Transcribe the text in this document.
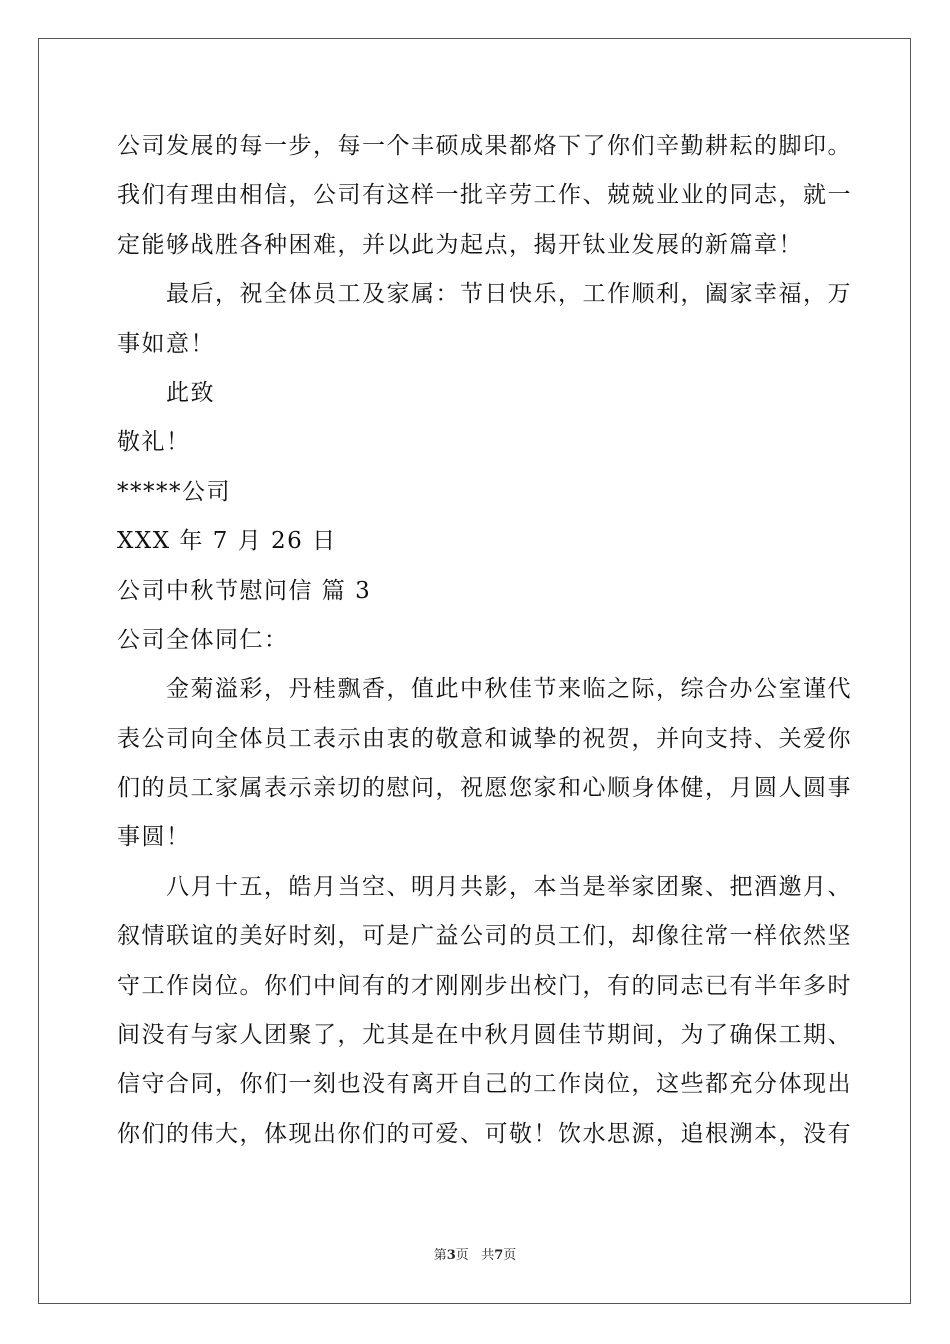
公司发展的每一步，每一个丰硕成果都烙下了你们辛勤耕耘的脚印。
我们有理由相信，公司有这样一批辛劳工作、兢兢业业的同志，就一
定能够战胜各种困难，并以此为起点，揭开钛业发展的新篇章！
　　最后，祝全体员工及家属：节日快乐，工作顺利，阖家幸福，万
事如意！
　　此致
敬礼！
*****公司
XXX 年 7 月 26 日
公司中秋节慰问信 篇 3
公司全体同仁：
　　金菊溢彩，丹桂飘香，值此中秋佳节来临之际，综合办公室谨代
表公司向全体员工表示由衷的敬意和诚挚的祝贺，并向支持、关爱你
们的员工家属表示亲切的慰问，祝愿您家和心顺身体健，月圆人圆事
事圆！
　　八月十五，皓月当空、明月共影，本当是举家团聚、把酒邀月、
叙情联谊的美好时刻，可是广益公司的员工们，却像往常一样依然坚
守工作岗位。你们中间有的才刚刚步出校门，有的同志已有半年多时
间没有与家人团聚了，尤其是在中秋月圆佳节期间，为了确保工期、
信守合同，你们一刻也没有离开自己的工作岗位，这些都充分体现出
你们的伟大，体现出你们的可爱、可敬！饮水思源，追根溯本，没有
第3页 共7页
